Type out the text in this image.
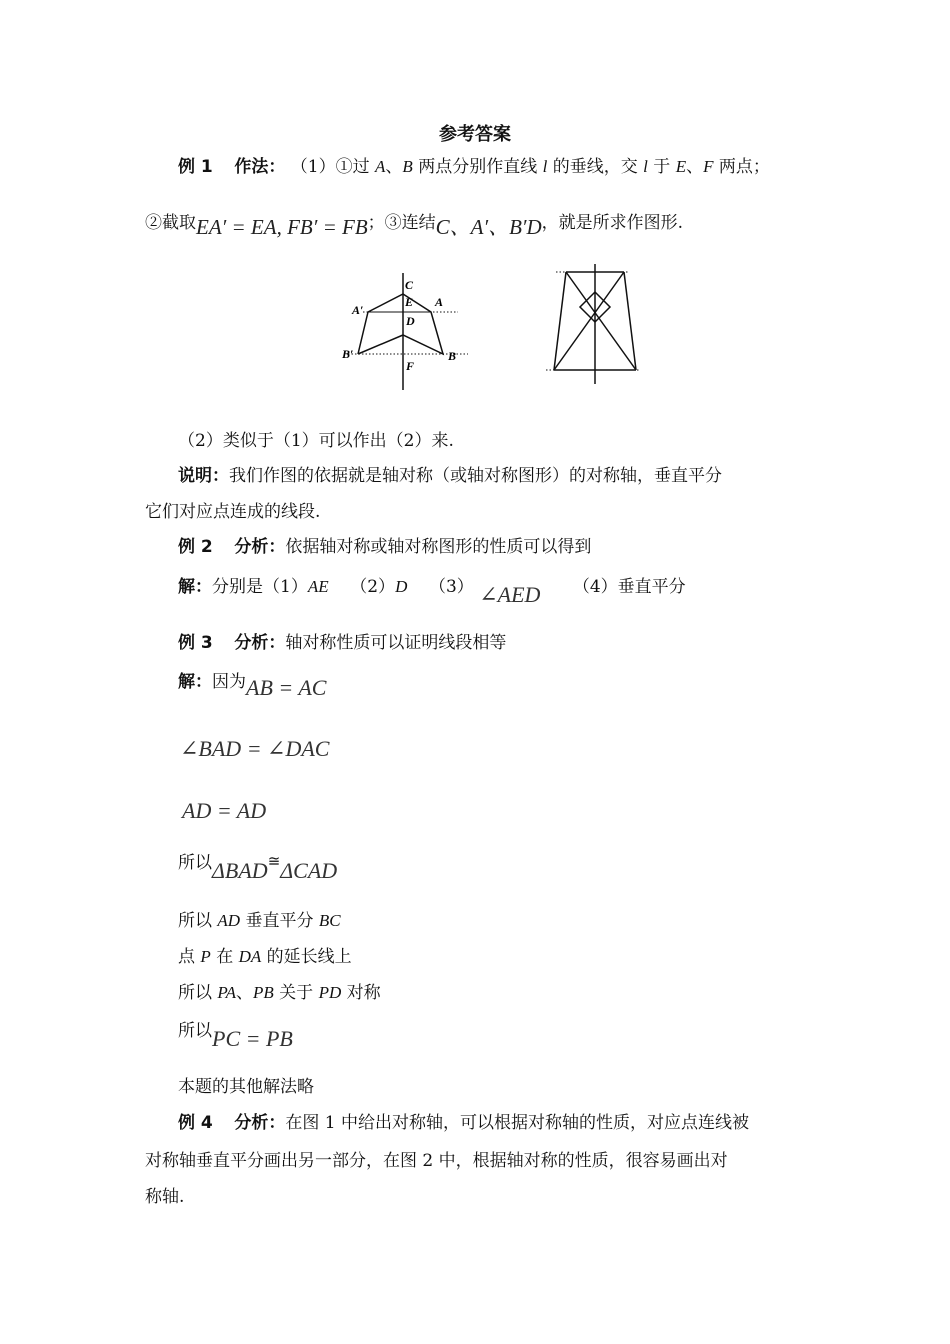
参考答案
例 1 作法： （1）①过 A、B 两点分别作直线 l 的垂线，交 l 于 E、F 两点；
②截取EA′ = EA, FB′ = FB；③连结C、A′、B′D，就是所求作图形.
C
E A
A′
D
B′	B
F
（2）类似于（1）可以作出（2）来.
说明：我们作图的依据就是轴对称（或轴对称图形）的对称轴，垂直平分
它们对应点连成的线段.
例 2 分析：依据轴对称或轴对称图形的性质可以得到
解：分别是（1）AE （2）D （3） ∠AED （4）垂直平分
例 3 分析：轴对称性质可以证明线段相等
解：因为AB = AC
∠BAD = ∠DAC
AD = AD
所以ΔBAD≅ΔCAD
所以 AD 垂直平分 BC
点 P 在 DA 的延长线上
所以 PA、PB 关于 PD 对称
所以PC = PB
本题的其他解法略
例 4 分析：在图 1 中给出对称轴，可以根据对称轴的性质，对应点连线被
对称轴垂直平分画出另一部分，在图 2 中，根据轴对称的性质，很容易画出对
称轴.
